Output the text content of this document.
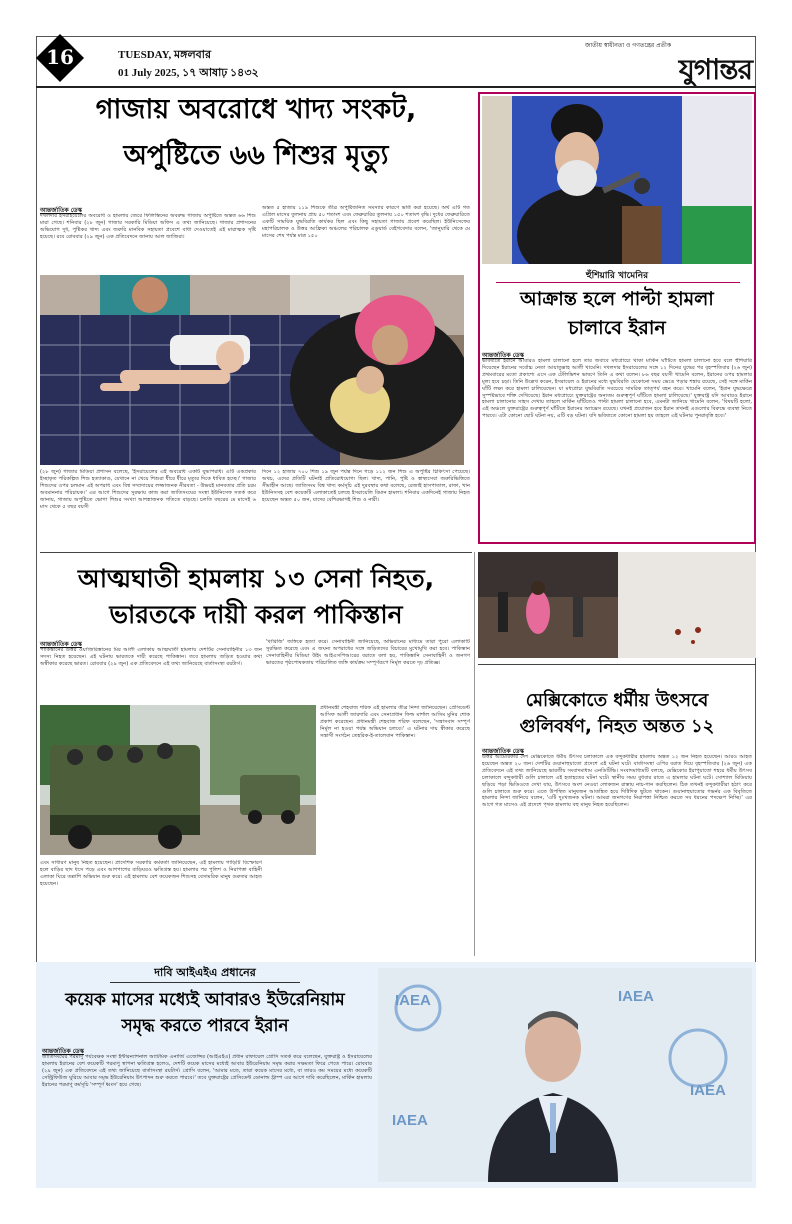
16	TUESDAY, মঙ্গলবার
01 July 2025, ১৭ আষাঢ় ১৪৩২
জাতীয় স্বাধীনতা ও গণতন্ত্রের প্রতীক
যুগান্তর
গাজায় অবরোধে খাদ্য সংকট,
অপুষ্টিতে ৬৬ শিশুর মৃত্যু
আন্তর্জাতিক ডেস্ক
দখলদার ইসরাইয়েলের অবরোধ ও হামলার জেরে ফিলিস্তিনের অবরুদ্ধ গাজায় অপুষ্টিতে অন্তত ৬৬ শিশু মারা গেছে। শনিবার (২৮ জুন) গাজার সরকারি মিডিয়া অফিস এ তথ্য জানিয়েছে। গাজার প্রশাসনের অভিযোগ দুধ, পুষ্টিকর খাদ্য এবং জরুরি মানবিক সহায়তা প্রবেশে বাধা দেওয়াতেই এই মারাত্মক সৃষ্টি হয়েছে। রবে রোববার (২৯ জুন) এক প্রতিবেদনে জানায় আল জাজিরা।
অন্তত ৫ হাজার ১১৯ শিশুকে তীব্র অপুষ্টিজনিত সমস্যার কারণে ভর্তি করা হয়েছে। অর্থ এটি গত এপ্রিল মাসের তুলনায় প্রায় ৫০ শতাংশ এবং ফেব্রুয়ারির তুলনায় ১৫০ শতাংশ বৃদ্ধি। দুধের ফেব্রুয়ারিতে একটি সাময়িক যুদ্ধবিরতি কার্যকর ছিল এবং কিছু সহায়তা গাজায় প্রবেশ করেছিল। ইউনিসেফের মহাপরিচালক ও উত্তর আফ্রিকা অঞ্চলের পরিচালক এডুয়ার্ড বেইগবেদার বলেন, 'জানুয়ারি থেকে মে মাসের শেষ পর্যন্ত মাত্র ১৫০
(২৮ জুন) গাজার মিডিয়া প্রশাসন বলেছে, 'ইসরায়েলের এই অবরোধ একটি যুদ্ধাপরাধ। এটি একপ্রকার ইচ্ছাকৃত পরিকল্পিত শিশু হত্যাকাণ্ড, যেখানে না খেয়ে শিশুরা ধীরে ধীরে মৃত্যুর দিকে ধাবিত হচ্ছে।' গাজার শিশুদের ওপর চলমান এই অপরাধ এবং বিশ্ব সম্প্রদায়ের লজ্জাজনক নীরবতা - উভয়ই মানবতার প্রতি চরম অবমাননার পরিচায়ক।' এর আগে শিশুদের সুরক্ষায় কাজ করা জাতিসংঘের সংস্থা ইউনিসেফ সতর্ক করে জানায়, গাজায় অপুষ্টিতে ভোগা শিশুর সংখ্যা আশঙ্কাজনক গতিতে বাড়ছে। চলতি বছরের মে মাসেই ৬ মাস থেকে ৫ বছর বয়সী
দিনে ১২ হাজার ৭০০ শিশু ১৯ জুন পর্যন্ত দিনে গড়ে ১১২ জন শিশু এ অপুষ্টির চিকিৎসা পেয়েছে। অথচ, এদের প্রতিটি ঘটনাই প্রতিরোধযোগ্য ছিল। খাদ্য, পানি, পুষ্টি ও স্বাস্থ্যসেবা জরুরিভিত্তিতে সীমাহীন আছে। জাতিসংঘ বিশ্ব খাদ্য কর্মসূচি এই দুরবস্থার কথা বলেছে, রেজাই হাসপাতাল, রাফা, খান ইউনিসসহ বেশ কয়েকটি এলাকাতেই চলছে ইসরায়েলি বিমান হামলা। শনিবার একদিনেই গাজায় নিহত হয়েছেন অন্তত ৫০ জন, যাদের বেশিরভাগই শিশু ও নারী।
হুঁশিয়ারি খামেনির
আক্রান্ত হলে পাল্টা হামলা
চালাবে ইরান
আন্তর্জাতিক ডেস্ক
ভবিষ্যতে ইরানে আবারও হামলা চালানো হলে তার জবাবে মধ্যপ্রাচ্যে থাকা মার্কিন ঘাঁটিতে হামলা চালানো হবে বলে হুঁশিয়ারি দিয়েছেন ইরানের সর্বোচ্চ নেতা আয়াতুল্লাহ আলী খামেনি। দখলদার ইসরায়েলের সঙ্গে ১২ দিনের যুদ্ধের পর বৃহস্পতিবার (২৬ জুন) প্রথমবারের মতো প্রকাশ্যে এসে এক টেলিভিশন ভাষণে তিনি এ কথা বলেন। ৮৬ বছর বয়সী খামেনি বলেন, ইরানের ওপর হামলার মূল্য হবে চড়া। তিনি উল্লেখ করেন, ইসরায়েল ও ইরানের মধ্যে যুদ্ধবিরতি যেকোনো সময় ভেঙে পড়ার শঙ্কায় রয়েছে, সেই সঙ্গে মার্কিন ঘাঁটি লক্ষ্য করে হামলা চালিয়েছেন। যা মধ্যপ্রাচ্য যুদ্ধবিরতি সবচেয়ে সামরিক তাত্পর্য বহন করে। খামেনি বলেন, 'ইরান যুদ্ধক্ষেত্রে সুস্পষ্টভাবে শক্তি দেখিয়েছে। ইরান মধ্যপ্রাচ্যে যুক্তরাষ্ট্রের অন্যতম গুরুত্বপূর্ণ ঘাঁটিতে হামলা চালিয়েছে।' যুক্তরাষ্ট্র যদি আবারও ইরানে হামলা চালানোর সাহস দেখায় তাহলে মার্কিন ঘাঁটিতেও পাল্টা হামলা চালানো হবে, এমনটা জানিয়ে খামেনি বলেন, 'বিষয়টি হলো, এই অঞ্চলে যুক্তরাষ্ট্রের গুরুত্বপূর্ণ ঘাঁটিতে ইরানের অ্যাক্সেস রয়েছে। যখনই প্রয়োজন হবে ইরান তখনই এগুলোর বিরুদ্ধে ব্যবস্থা নিতে পারবে। এটা কোনো ছোট ঘটনা নয়, এটি বড় ঘটনা। যদি ভবিষ্যতে কোনো হামলা হয় তাহলে এই ঘটনার পুনরাবৃত্তি হবে।'
আত্মঘাতী হামলায় ১৩ সেনা নিহত,
ভারতকে দায়ী করল পাকিস্তান
আন্তর্জাতিক ডেস্ক
পাকিস্তানের উত্তর ওয়াজিরিস্তানের মির আলী এলাকায় আত্মঘাতী হামলায় দেশটির সেনাবাহিনীর ১৩ জন সদস্য নিহত হয়েছেন। এই ঘটনায় ভারতকে দায়ী করেছে পাকিস্তান। তবে হামলায় জড়িত হওয়ার কথা অস্বীকার করেছে ভারত। রোববার (২৯ জুন) এক প্রতিবেদনে এই তথ্য জানিয়েছে বার্তাসংস্থা রয়টার্স।
'খারিজি' জঙ্গিকে হত্যা করে। সেনাবাহিনী জানিয়েছে, অভিযানের মাধ্যমে তারা পুরো এলাকাটি সুরক্ষিত করেছে এবং এ জঘন্য অপরাধের সঙ্গে জড়িতদের বিচারের মুখোমুখি করা হবে। পাকিস্তান সেনাবাহিনীর মিডিয়া উইং আইএসপিআরের বরাতে বলা হয়, পাকিস্তানি সেনাবাহিনী ও জনগণ ভারতের পৃষ্ঠপোষকতায় পরিচালিত জঙ্গি কার্যক্রম সম্পূর্ণরূপে নির্মূল করতে দৃঢ় প্রতিজ্ঞ।
এবং সাধারণ মানুষ নিহত হয়েছেন। প্রাদেশিক সরকারি কর্মকর্তা জানিয়েছেন, এই হামলায় গাড়িটি বিস্ফোরণ হলে বাড়ির ছাদ ধসে পড়ে এবং আশপাশের বাড়িঘরও ক্ষতিগ্রস্ত হয়। হামলার পর পুলিশ ও নিরাপত্তা বাহিনী এলাকা ঘিরে তল্লাশি অভিযান শুরু করে। এই হামলায় বেশ কয়েকজন শিশুসহ বেসামরিক মানুষ গুরুতর আহত হয়েছেন।
প্রধানমন্ত্রী শেহবাজ শরিফ এই হামলার তীব্র নিন্দা জানিয়েছেন। প্রেসিডেন্ট আসিফ আলী জারদারি এবং সেনাপ্রধান ফিল্ড মার্শাল আসিম মুনির শোক প্রকাশ করেছেন। প্রধানমন্ত্রী শেহবাজ শরিফ বলেছেন, 'সন্ত্রাসবাদ সম্পূর্ণ নির্মূল না হওয়া পর্যন্ত অভিযান চলবে।' এ ঘটনার দায় স্বীকার করেছে সন্ত্রাসী সংগঠন তেহরিক-ই-তালেবান পাকিস্তান।
মেক্সিকোতে ধর্মীয় উৎসবে
গুলিবর্ষণ, নিহত অন্তত ১২
আন্তর্জাতিক ডেস্ক
উত্তর আমেরিকার দেশ মেক্সিকোতে ধর্মীয় উৎসব চলাকালে এক বন্দুকধারীর হামলায় অন্তত ১২ জন নিহত হয়েছেন। আরও আহত হয়েছেন অন্তত ২০ জন। দেশটির গুয়ানাহুয়াতো প্রদেশে এই ঘটনা ঘটে। বার্তাসংস্থা এপির বরাত দিয়ে বৃহস্পতিবার (২৬ জুন) এক প্রতিবেদনে এই তথ্য জানিয়েছে ভারতীয় সংবাদমাধ্যম এনডিটিভি। সংবাদমাধ্যমটি বলছে, মেক্সিকোর ইরাপুয়াতো শহরে ধর্মীয় উৎসব চলাকালে বন্দুকধারী গুলি চালালে এই হতাহতের ঘটনা ঘটে। স্থানীয় সময় বুধবার রাতে এ হামলার ঘটনা ঘটে। সোশ্যাল মিডিয়ায় ছড়িয়ে পড়া ভিডিওতে দেখা যায়, উৎসবে অংশ নেওয়া লোকজন রাস্তায় নাচ-গান করছিলেন। ঠিক তখনই বন্দুকধারীরা হঠাৎ করে গুলি চালাতে শুরু করে। এতে উপস্থিত মানুষজন আতঙ্কিত হয়ে দিগ্বিদিক ছুটতে থাকেন। গুয়ানাহুয়াতোর গভর্নর এক বিবৃতিতে হামলার নিন্দা জানিয়ে বলেন, 'এটি দুঃখজনক ঘটনা। আমরা জনগণের নিরাপত্তা নিশ্চিত করতে সব ধরনের পদক্ষেপ নিচ্ছি।' এর আগে গত মাসেও এই প্রদেশে পৃথক হামলায় বহু মানুষ নিহত হয়েছিলেন।
দাবি আইএইএ প্রধানের
কয়েক মাসের মধ্যেই আবারও ইউরেনিয়াম
সমৃদ্ধ করতে পারবে ইরান
আন্তর্জাতিক ডেস্ক
জাতিসংঘের পরমাণু পর্যবেক্ষক সংস্থা ইন্টারন্যাশনাল অ্যাটমিক এনার্জি এজেন্সির (আইএইএ) প্রধান রাফায়েল গ্রোসি সতর্ক করে বলেছেন, যুক্তরাষ্ট্র ও ইসরায়েলের হামলায় ইরানের বেশ কয়েকটি পরমাণু স্থাপনা ক্ষতিগ্রস্ত হলেও, দেশটি কয়েক মাসের মধ্যেই আবার ইউরেনিয়াম সমৃদ্ধ করার সক্ষমতা ফিরে পেতে পারে। রোববার (২৯ জুন) এক প্রতিবেদনে এই তথ্য জানিয়েছে বার্তাসংস্থা রয়টার্স। গ্রোসি বলেন, 'আমার মতে, তারা কয়েক মাসের মধ্যে, বা তারও কম সময়ের মধ্যে কয়েকটি সেন্ট্রিফিউজ ঘুরিয়ে আবার সমৃদ্ধ ইউরেনিয়াম উৎপাদন শুরু করতে পারবে।' তবে যুক্তরাষ্ট্রের প্রেসিডেন্ট ডোনাল্ড ট্রাম্প এর আগে দাবি করেছিলেন, মার্কিন হামলায় ইরানের পরমাণু কর্মসূচি 'সম্পূর্ণ ধ্বংস' হয়ে গেছে।
IAEA	IAEA
IAEA
IAEA
